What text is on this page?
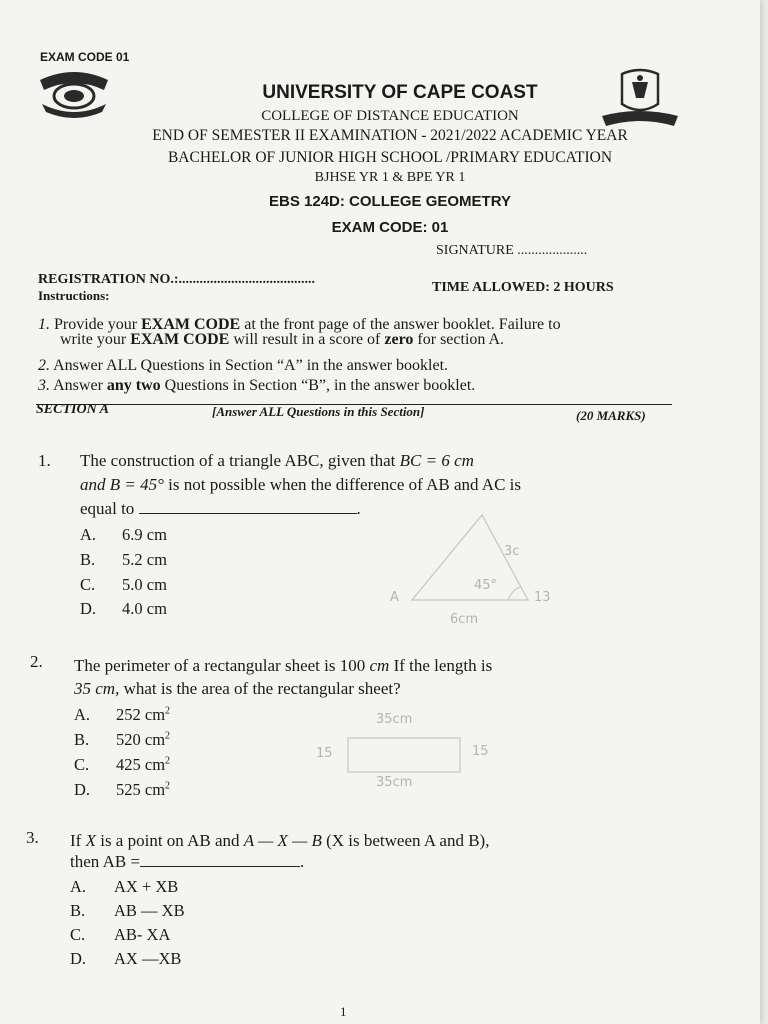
EXAM CODE 01
UNIVERSITY OF CAPE COAST
COLLEGE OF DISTANCE EDUCATION
END OF SEMESTER II EXAMINATION - 2021/2022 ACADEMIC YEAR
BACHELOR OF JUNIOR HIGH SCHOOL /PRIMARY EDUCATION
BJHSE YR 1 & BPE YR 1
EBS 124D: COLLEGE GEOMETRY
EXAM CODE: 01
SIGNATURE ....................
REGISTRATION NO.:.......................................
TIME ALLOWED: 2 HOURS
Instructions:
1. Provide your EXAM CODE at the front page of the answer booklet. Failure to
write your EXAM CODE will result in a score of zero for section A.
2. Answer ALL Questions in Section “A” in the answer booklet.
3. Answer any two Questions in Section “B”, in the answer booklet.
SECTION A	[Answer ALL Questions in this Section]	(20 MARKS)
1. The construction of a triangle ABC, given that BC = 6 cm
and B = 45° is not possible when the difference of AB and AC is
equal to	.
A. 6.9 cm
B. 5.2 cm
C. 5.0 cm
D. 4.0 cm
3c
45°
A	13
6cm
2. The perimeter of a rectangular sheet is 100 cm If the length is
35 cm, what is the area of the rectangular sheet?
A. 252 $cm^2$
B. 520 $cm^2$
C. 425 $cm^2$
D. 525 $cm^2$
35cm
15	15
35cm
3. If X is a point on AB and A — X — B (X is between A and B),
then AB =	.
A. AX + XB
B. AB — XB
C. AB- XA
D. AX —XB
1
